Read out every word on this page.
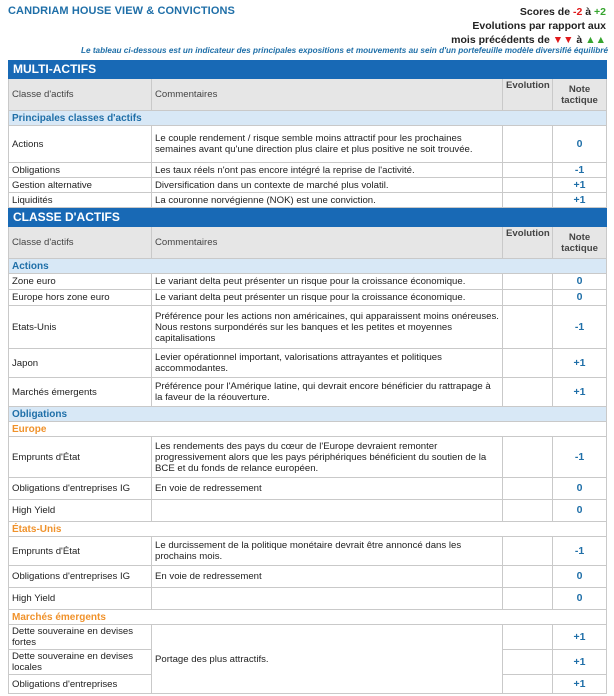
CANDRIAM HOUSE VIEW & CONVICTIONS	Scores de -2 à +2
Evolutions par rapport aux
mois précédents de ▼▼ à ▲▲
Le tableau ci-dessous est un indicateur des principales expositions et mouvements au sein d'un portefeuille modèle diversifié équilibré
MULTI-ACTIFS			
Classe d'actifs	Commentaires	Evolution	Note tactique
Principales classes d'actifs			
Actions	Le couple rendement / risque semble moins attractif pour les prochaines semaines avant qu'une direction plus claire et plus positive ne soit trouvée.		0
Obligations	Les taux réels n'ont pas encore intégré la reprise de l'activité.		-1
Gestion alternative	Diversification dans un contexte de marché plus volatil.		+1
Liquidités	La couronne norvégienne (NOK) est une conviction.		+1
CLASSE D'ACTIFS			
Classe d'actifs	Commentaires	Evolution	Note tactique
Actions			
Zone euro	Le variant delta peut présenter un risque pour la croissance économique.		0
Europe hors zone euro	Le variant delta peut présenter un risque pour la croissance économique.		0
Etats-Unis	Préférence pour les actions non américaines, qui apparaissent moins onéreuses. Nous restons surpondérés sur les banques et les petites et moyennes capitalisations		-1
Japon	Levier opérationnel important, valorisations attrayantes et politiques accommodantes.		+1
Marchés émergents	Préférence pour l'Amérique latine, qui devrait encore bénéficier du rattrapage à la faveur de la réouverture.		+1
Obligations			
Europe			
Emprunts d'État	Les rendements des pays du cœur de l'Europe devraient remonter progressivement alors que les pays périphériques bénéficient du soutien de la BCE et du fonds de relance européen.		-1
Obligations d'entreprises IG	En voie de redressement		0
High Yield			0
États-Unis			
Emprunts d'État	Le durcissement de la politique monétaire devrait être annoncé dans les prochains mois.		-1
Obligations d'entreprises IG	En voie de redressement		0
High Yield			0
Marchés émergents			
Dette souveraine en devises fortes	Portage des plus attractifs.		+1
Dette souveraine en devises locales			+1
Obligations d'entreprises			+1
